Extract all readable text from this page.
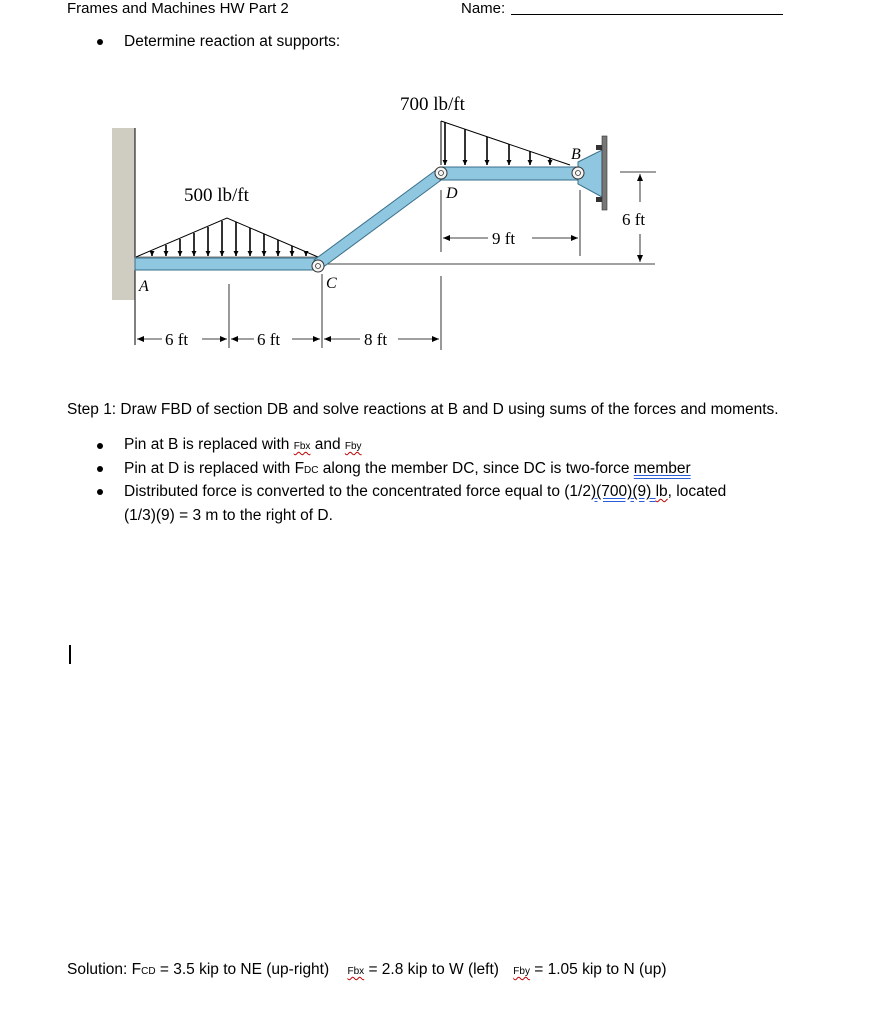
Frames and Machines HW Part 2	Name:
Determine reaction at supports:
700 lb/ft
500 lb/ft
A
B
C
D
6 ft	6 ft	8 ft
9 ft
6 ft
Step 1: Draw FBD of section DB and solve reactions at B and D using sums of the forces and moments.
Pin at B is replaced with Fbx and Fby
Pin at D is replaced with FDC along the member DC, since DC is two-force member
Distributed force is converted to the concentrated force equal to (1/2)(700)(9) lb, located
(1/3)(9) = 3 m to the right of D.
Solution: FCD = 3.5 kip to NE (up-right) Fbx = 2.8 kip to W (left) Fby = 1.05 kip to N (up)
